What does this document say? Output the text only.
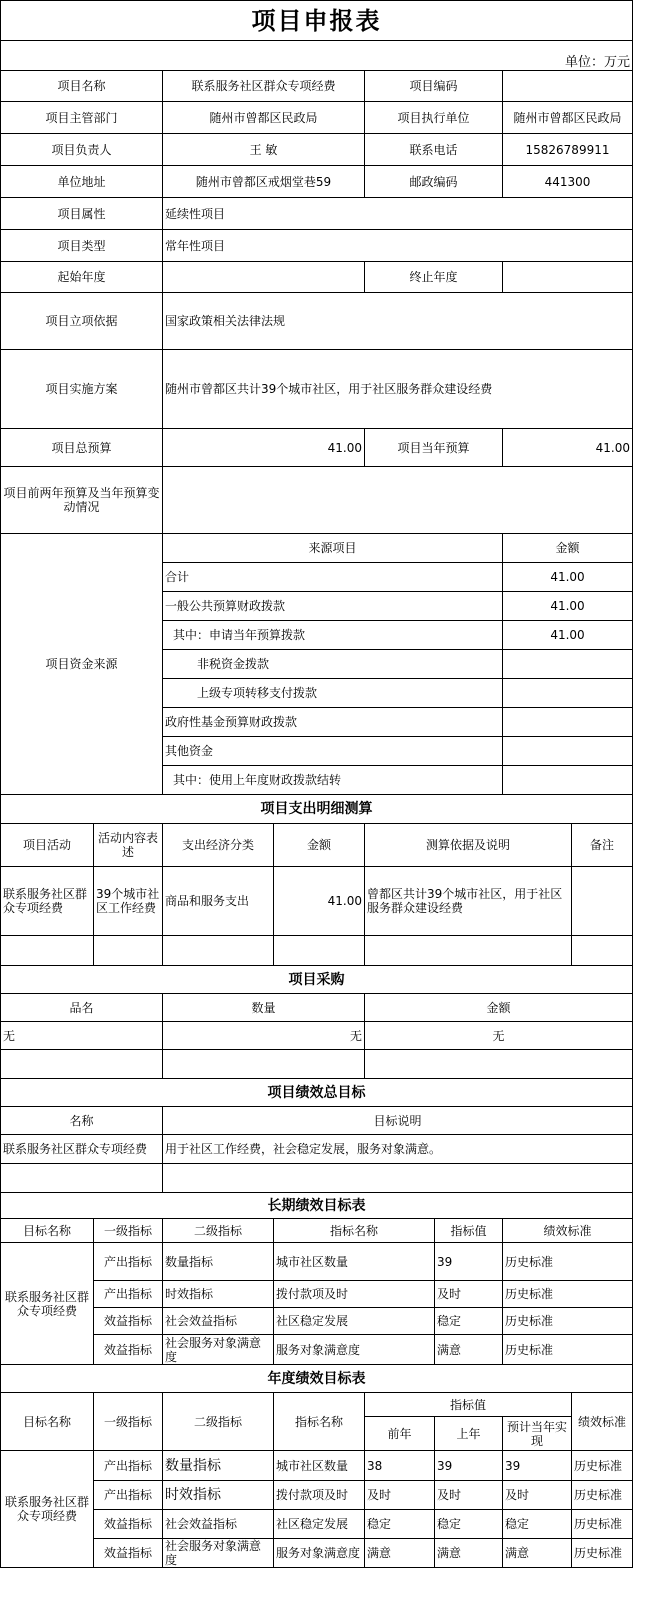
项目申报表							
单位：万元							
项目名称		联系服务社区群众专项经费		项目编码			
项目主管部门		随州市曾都区民政局		项目执行单位		随州市曾都区民政局	
项目负责人		王 敏		联系电话		15826789911	
单位地址		随州市曾都区戒烟堂巷59		邮政编码		441300	
项目属性		延续性项目					
项目类型		常年性项目					
起始年度				终止年度			
项目立项依据		国家政策相关法律法规					
项目实施方案		随州市曾都区共计39个城市社区，用于社区服务群众建设经费					
项目总预算		41.00		项目当年预算		41.00	
项目前两年预算及当年预算变动情况							
项目资金来源		来源项目				金额	
		合计				41.00	
		一般公共预算财政拨款				41.00	
		其中：申请当年预算拨款				41.00	
		非税资金拨款					
		上级专项转移支付拨款					
		政府性基金预算财政拨款					
		其他资金					
		其中：使用上年度财政拨款结转					
项目支出明细测算							
项目活动	活动内容表述	支出经济分类	金额	测算依据及说明			备注
联系服务社区群众专项经费	39个城市社区工作经费	商品和服务支出	41.00	曾都区共计39个城市社区，用于社区服务群众建设经费			

项目采购							
品名		数量		金额			
无		无		无			

项目绩效总目标							
名称		目标说明					
联系服务社区群众专项经费		用于社区工作经费，社会稳定发展，服务对象满意。					

长期绩效目标表							
目标名称	一级指标	二级指标	指标名称		指标值	绩效标准	
联系服务社区群众专项经费	产出指标	数量指标	城市社区数量		39	历史标准	
	产出指标	时效指标	拨付款项及时		及时	历史标准	
	效益指标	社会效益指标	社区稳定发展		稳定	历史标准	
	效益指标	社会服务对象满意度	服务对象满意度		满意	历史标准	
年度绩效目标表							
目标名称	一级指标	二级指标	指标名称	指标值			绩效标准
				前年	上年	预计当年实现	
联系服务社区群众专项经费	产出指标	数量指标	城市社区数量	38	39	39	历史标准
	产出指标	时效指标	拨付款项及时	及时	及时	及时	历史标准
	效益指标	社会效益指标	社区稳定发展	稳定	稳定	稳定	历史标准
	效益指标	社会服务对象满意度	服务对象满意度	满意	满意	满意	历史标准
